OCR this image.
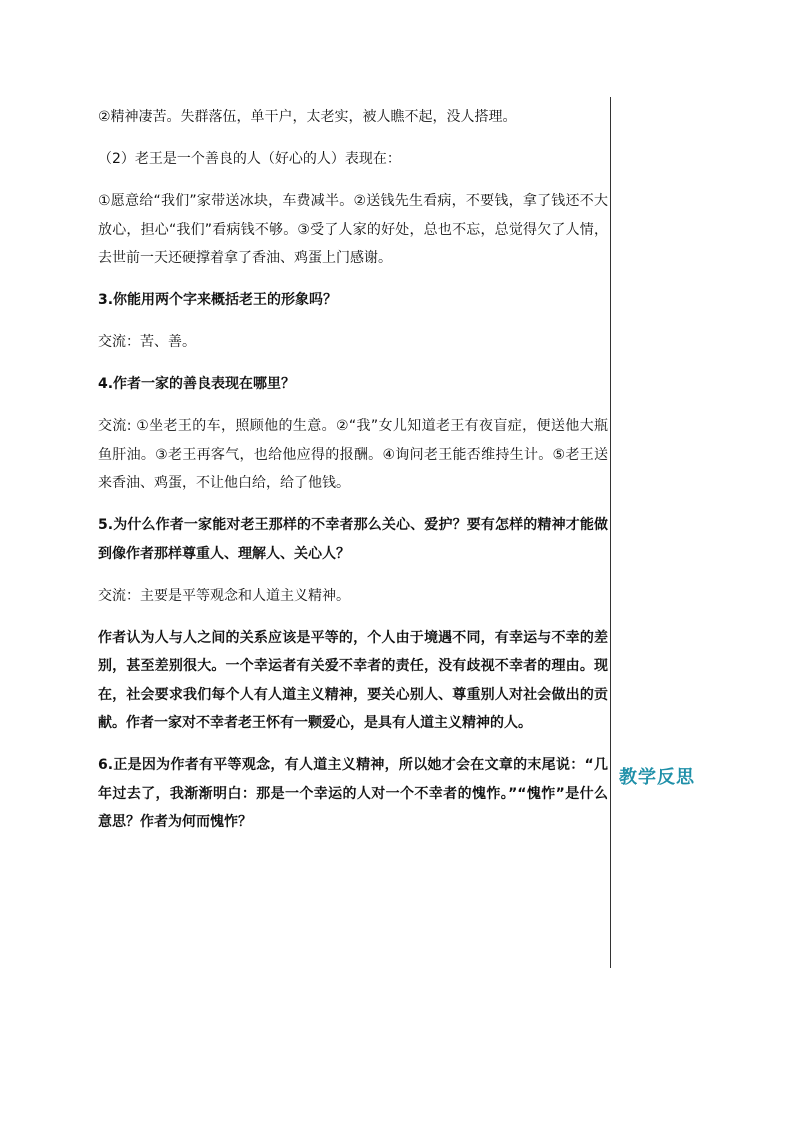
②精神凄苦。失群落伍，单干户，太老实，被人瞧不起，没人搭理。

（2）老王是一个善良的人（好心的人）表现在：

①愿意给“我们”家带送冰块，车费减半。②送钱先生看病，不要钱，拿了钱还不大放心，担心“我们”看病钱不够。③受了人家的好处，总也不忘，总觉得欠了人情，去世前一天还硬撑着拿了香油、鸡蛋上门感谢。

3.你能用两个字来概括老王的形象吗？

交流：苦、善。

4.作者一家的善良表现在哪里？

交流: ①坐老王的车，照顾他的生意。②“我”女儿知道老王有夜盲症，便送他大瓶鱼肝油。③老王再客气，也给他应得的报酬。④询问老王能否维持生计。⑤老王送来香油、鸡蛋，不让他白给，给了他钱。

5.为什么作者一家能对老王那样的不幸者那么关心、爱护？要有怎样的精神才能做到像作者那样尊重人、理解人、关心人？

交流：主要是平等观念和人道主义精神。

作者认为人与人之间的关系应该是平等的，个人由于境遇不同，有幸运与不幸的差别，甚至差别很大。一个幸运者有关爱不幸者的责任，没有歧视不幸者的理由。现在，社会要求我们每个人有人道主义精神，要关心别人、尊重别人对社会做出的贡献。作者一家对不幸者老王怀有一颗爱心，是具有人道主义精神的人。

6.正是因为作者有平等观念，有人道主义精神，所以她才会在文章的末尾说：“几年过去了，我渐渐明白：那是一个幸运的人对一个不幸者的愧怍。”“愧怍”是什么意思？作者为何而愧怍？

教学反思
